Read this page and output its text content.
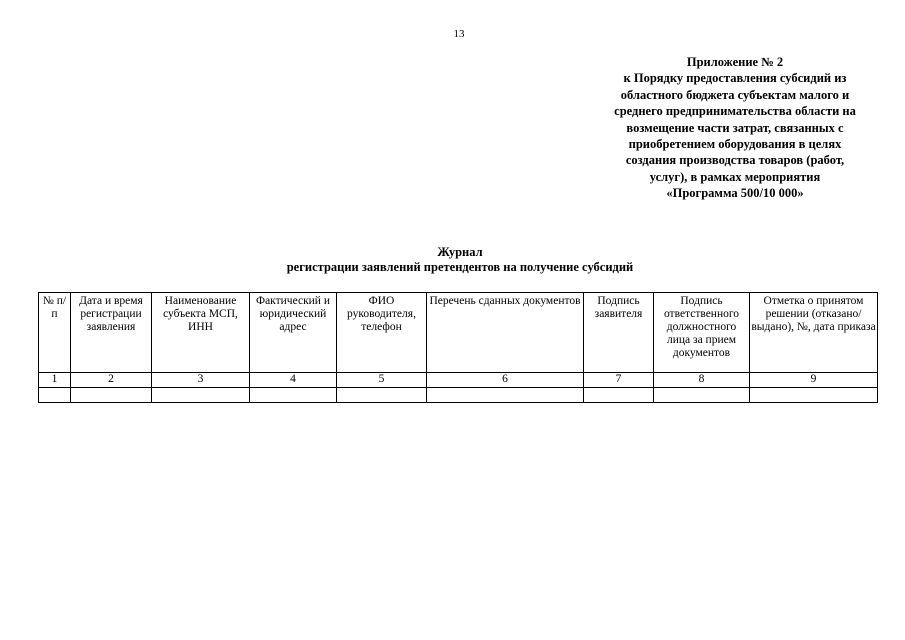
13
Приложение № 2
к Порядку предоставления субсидий из
областного бюджета субъектам малого и
среднего предпринимательства области на
возмещение части затрат, связанных с
приобретением оборудования в целях
создания производства товаров (работ,
услуг), в рамках мероприятия
«Программа 500/10 000»
Журнал
регистрации заявлений претендентов на получение субсидий
№ п/п	Дата и время регистрации заявления	Наименование субъекта МСП, ИНН	Фактический и юридический адрес	ФИО руководителя, телефон	Перечень сданных документов	Подпись заявителя	Подпись ответственного должностного лица за прием документов	Отметка о принятом решении (отказано/выдано), №, дата приказа
1	2	3	4	5	6	7	8	9
